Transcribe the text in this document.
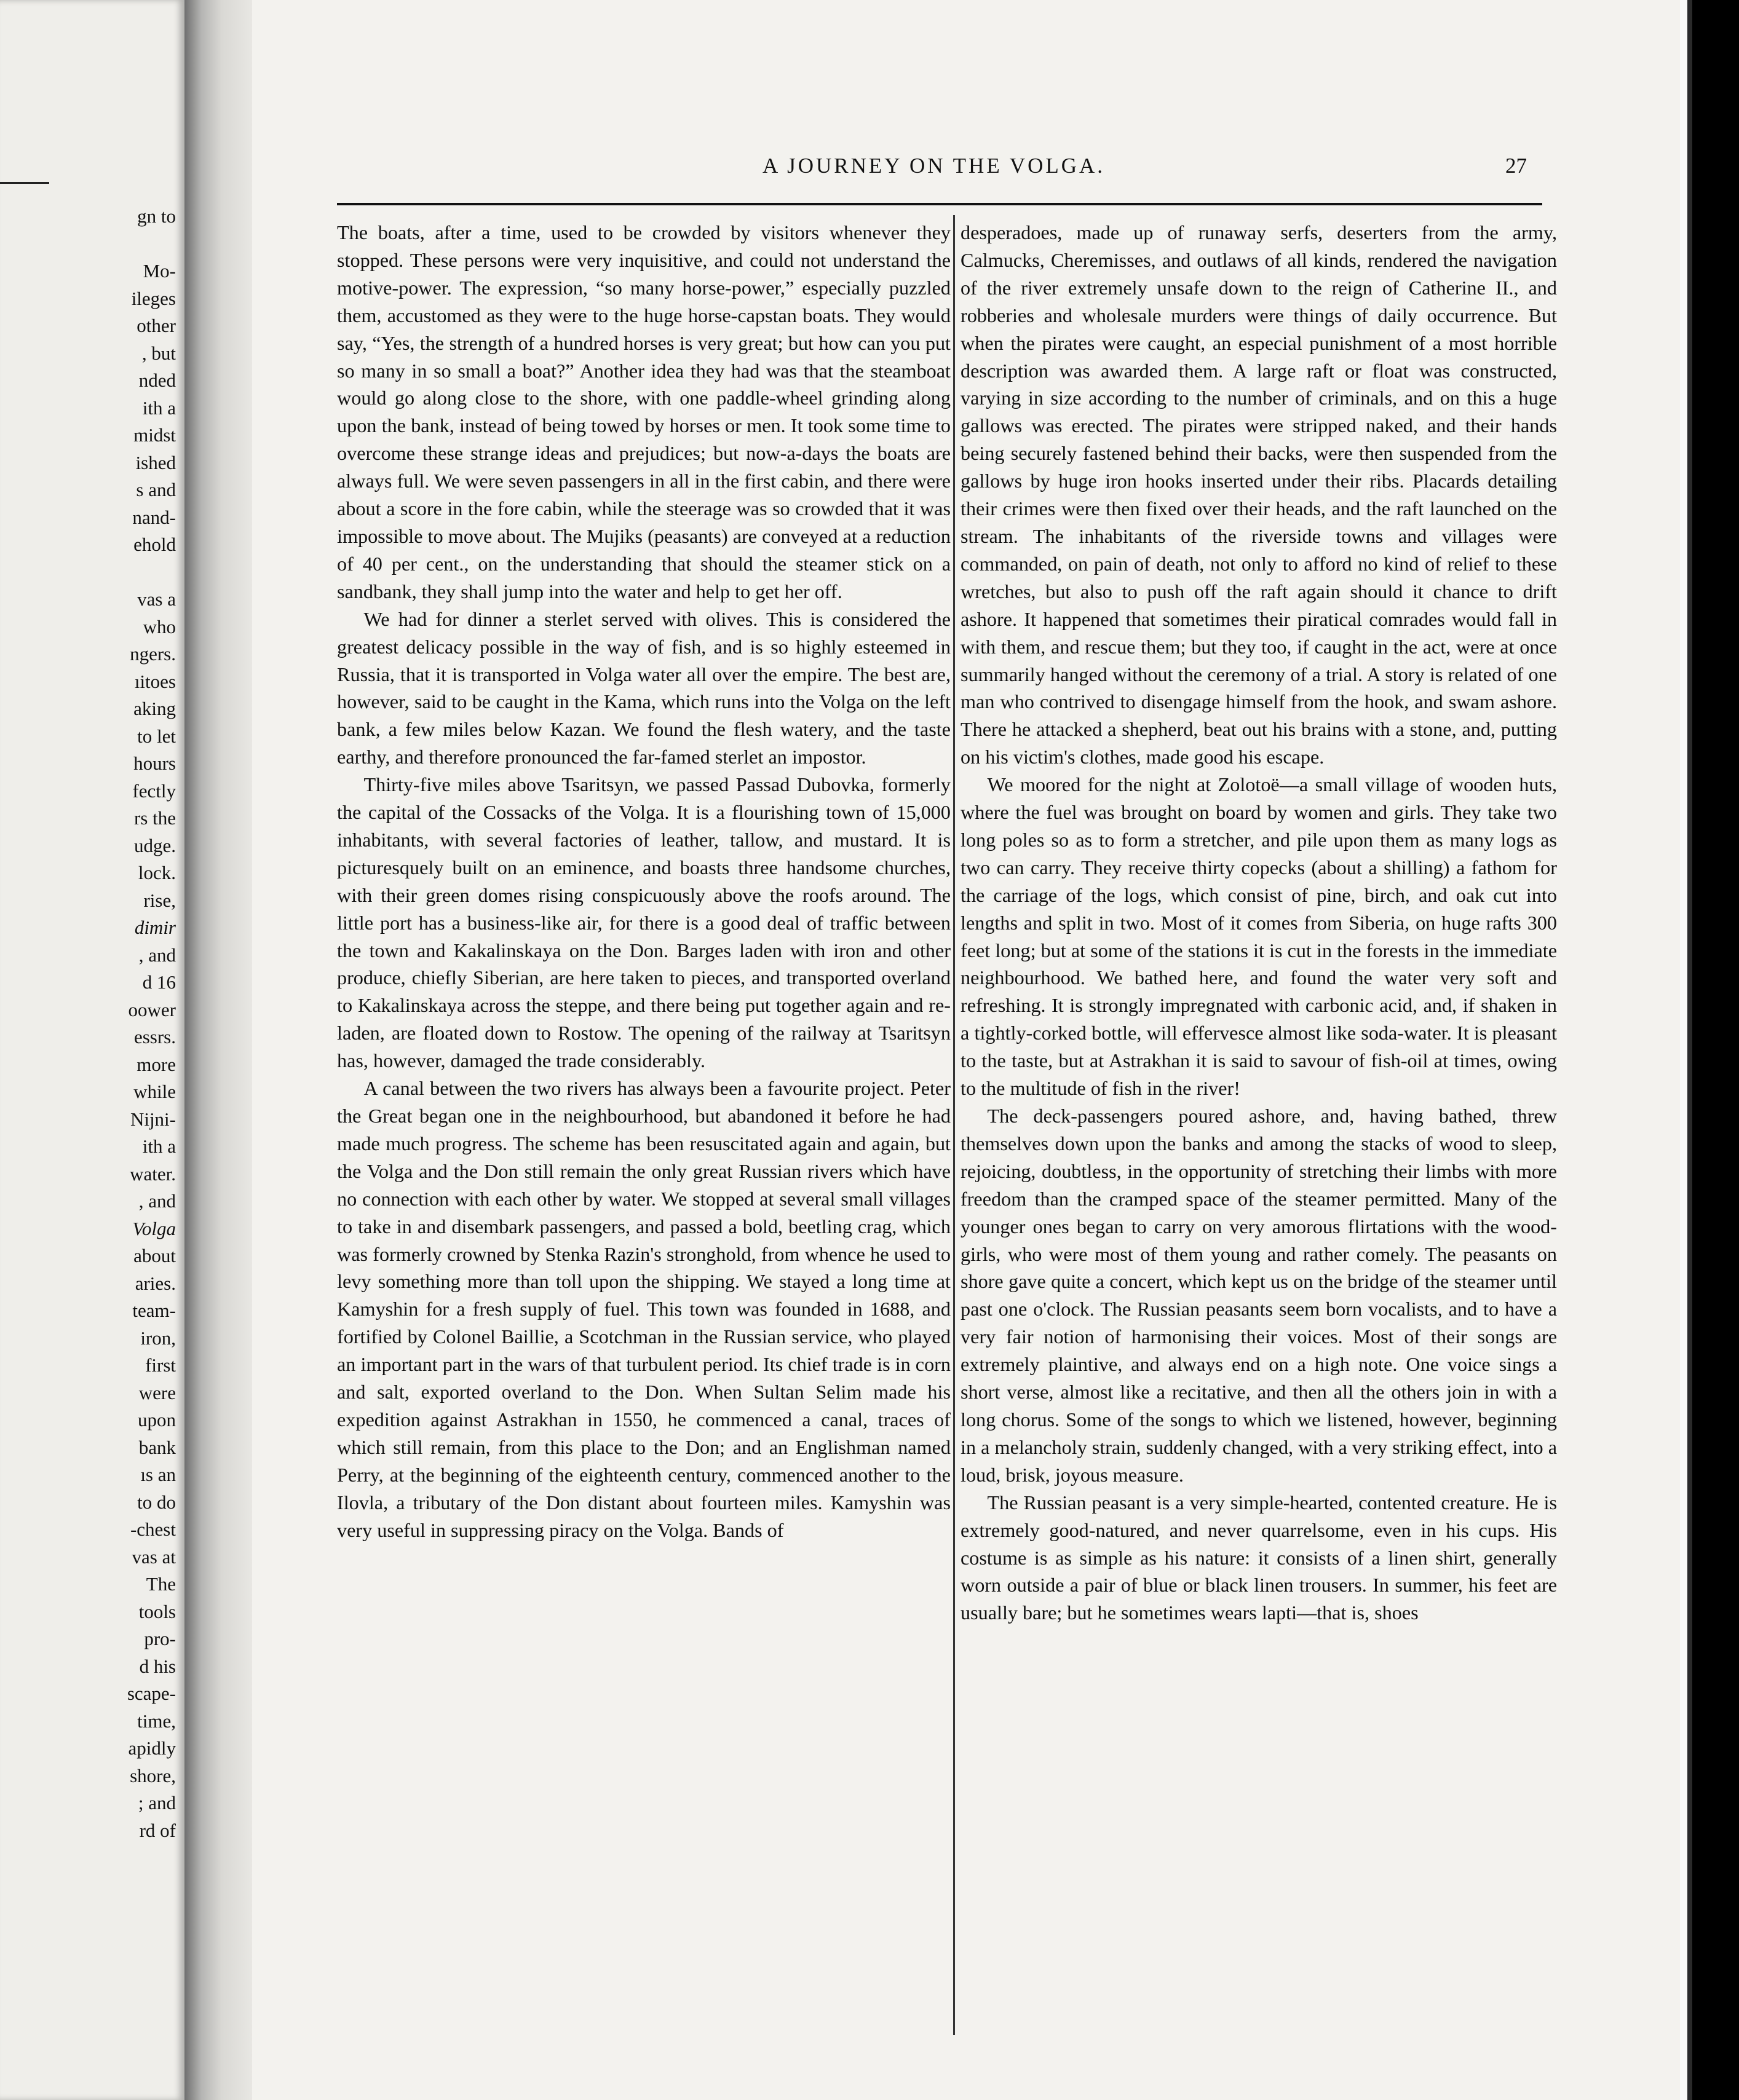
gn to
Mo-
ileges
other
, but
nded
ith a
midst
ished
s and
nand-
ehold
vas a
who
ngers.
ıitoes
aking
to let
hours
fectly
rs the
udge.
lock.
rise,
dimir
, and
d 16
oower
essrs.
more
while
Nijni-
ith a
water.
, and
Volga
about
aries.
team-
iron,
first
were
upon
bank
ıs an
to do
-chest
vas at
The
tools
pro-
d his
scape-
time,
apidly
shore,
; and
rd of
A JOURNEY ON THE VOLGA.	27

The boats, after a time, used to be crowded by visitors whenever they stopped. These persons were very inquisitive, and could not understand the motive-power. The expression, “so many horse-power,” especially puzzled them, accustomed as they were to the huge horse-capstan boats. They would say, “Yes, the strength of a hundred horses is very great; but how can you put so many in so small a boat?” Another idea they had was that the steamboat would go along close to the shore, with one paddle-wheel grinding along upon the bank, instead of being towed by horses or men. It took some time to overcome these strange ideas and prejudices; but now-a-days the boats are always full. We were seven passengers in all in the first cabin, and there were about a score in the fore cabin, while the steerage was so crowded that it was impossible to move about. The Mujiks (peasants) are conveyed at a reduction of 40 per cent., on the understanding that should the steamer stick on a sandbank, they shall jump into the water and help to get her off.

We had for dinner a sterlet served with olives. This is considered the greatest delicacy possible in the way of fish, and is so highly esteemed in Russia, that it is transported in Volga water all over the empire. The best are, however, said to be caught in the Kama, which runs into the Volga on the left bank, a few miles below Kazan. We found the flesh watery, and the taste earthy, and therefore pronounced the far-famed sterlet an impostor.

Thirty-five miles above Tsaritsyn, we passed Passad Dubovka, formerly the capital of the Cossacks of the Volga. It is a flourishing town of 15,000 inhabitants, with several factories of leather, tallow, and mustard. It is picturesquely built on an eminence, and boasts three handsome churches, with their green domes rising conspicuously above the roofs around. The little port has a business-like air, for there is a good deal of traffic between the town and Kakalinskaya on the Don. Barges laden with iron and other produce, chiefly Siberian, are here taken to pieces, and transported overland to Kakalinskaya across the steppe, and there being put together again and re-laden, are floated down to Rostow. The opening of the railway at Tsaritsyn has, however, damaged the trade considerably.

A canal between the two rivers has always been a favourite project. Peter the Great began one in the neighbourhood, but abandoned it before he had made much progress. The scheme has been resuscitated again and again, but the Volga and the Don still remain the only great Russian rivers which have no connection with each other by water. We stopped at several small villages to take in and disembark passengers, and passed a bold, beetling crag, which was formerly crowned by Stenka Razin's stronghold, from whence he used to levy something more than toll upon the shipping. We stayed a long time at Kamyshin for a fresh supply of fuel. This town was founded in 1688, and fortified by Colonel Baillie, a Scotchman in the Russian service, who played an important part in the wars of that turbulent period. Its chief trade is in corn and salt, exported overland to the Don. When Sultan Selim made his expedition against Astrakhan in 1550, he commenced a canal, traces of which still remain, from this place to the Don; and an Englishman named Perry, at the beginning of the eighteenth century, commenced another to the Ilovla, a tributary of the Don distant about fourteen miles. Kamyshin was very useful in suppressing piracy on the Volga. Bands of

desperadoes, made up of runaway serfs, deserters from the army, Calmucks, Cheremisses, and outlaws of all kinds, rendered the navigation of the river extremely unsafe down to the reign of Catherine II., and robberies and wholesale murders were things of daily occurrence. But when the pirates were caught, an especial punishment of a most horrible description was awarded them. A large raft or float was constructed, varying in size according to the number of criminals, and on this a huge gallows was erected. The pirates were stripped naked, and their hands being securely fastened behind their backs, were then suspended from the gallows by huge iron hooks inserted under their ribs. Placards detailing their crimes were then fixed over their heads, and the raft launched on the stream. The inhabitants of the riverside towns and villages were commanded, on pain of death, not only to afford no kind of relief to these wretches, but also to push off the raft again should it chance to drift ashore. It happened that sometimes their piratical comrades would fall in with them, and rescue them; but they too, if caught in the act, were at once summarily hanged without the ceremony of a trial. A story is related of one man who contrived to disengage himself from the hook, and swam ashore. There he attacked a shepherd, beat out his brains with a stone, and, putting on his victim's clothes, made good his escape.

We moored for the night at Zolotoë—a small village of wooden huts, where the fuel was brought on board by women and girls. They take two long poles so as to form a stretcher, and pile upon them as many logs as two can carry. They receive thirty copecks (about a shilling) a fathom for the carriage of the logs, which consist of pine, birch, and oak cut into lengths and split in two. Most of it comes from Siberia, on huge rafts 300 feet long; but at some of the stations it is cut in the forests in the immediate neighbourhood. We bathed here, and found the water very soft and refreshing. It is strongly impregnated with carbonic acid, and, if shaken in a tightly-corked bottle, will effervesce almost like soda-water. It is pleasant to the taste, but at Astrakhan it is said to savour of fish-oil at times, owing to the multitude of fish in the river!

The deck-passengers poured ashore, and, having bathed, threw themselves down upon the banks and among the stacks of wood to sleep, rejoicing, doubtless, in the opportunity of stretching their limbs with more freedom than the cramped space of the steamer permitted. Many of the younger ones began to carry on very amorous flirtations with the wood-girls, who were most of them young and rather comely. The peasants on shore gave quite a concert, which kept us on the bridge of the steamer until past one o'clock. The Russian peasants seem born vocalists, and to have a very fair notion of harmonising their voices. Most of their songs are extremely plaintive, and always end on a high note. One voice sings a short verse, almost like a recitative, and then all the others join in with a long chorus. Some of the songs to which we listened, however, beginning in a melancholy strain, suddenly changed, with a very striking effect, into a loud, brisk, joyous measure.

The Russian peasant is a very simple-hearted, contented creature. He is extremely good-natured, and never quarrelsome, even in his cups. His costume is as simple as his nature: it consists of a linen shirt, generally worn outside a pair of blue or black linen trousers. In summer, his feet are usually bare; but he sometimes wears lapti—that is, shoes
